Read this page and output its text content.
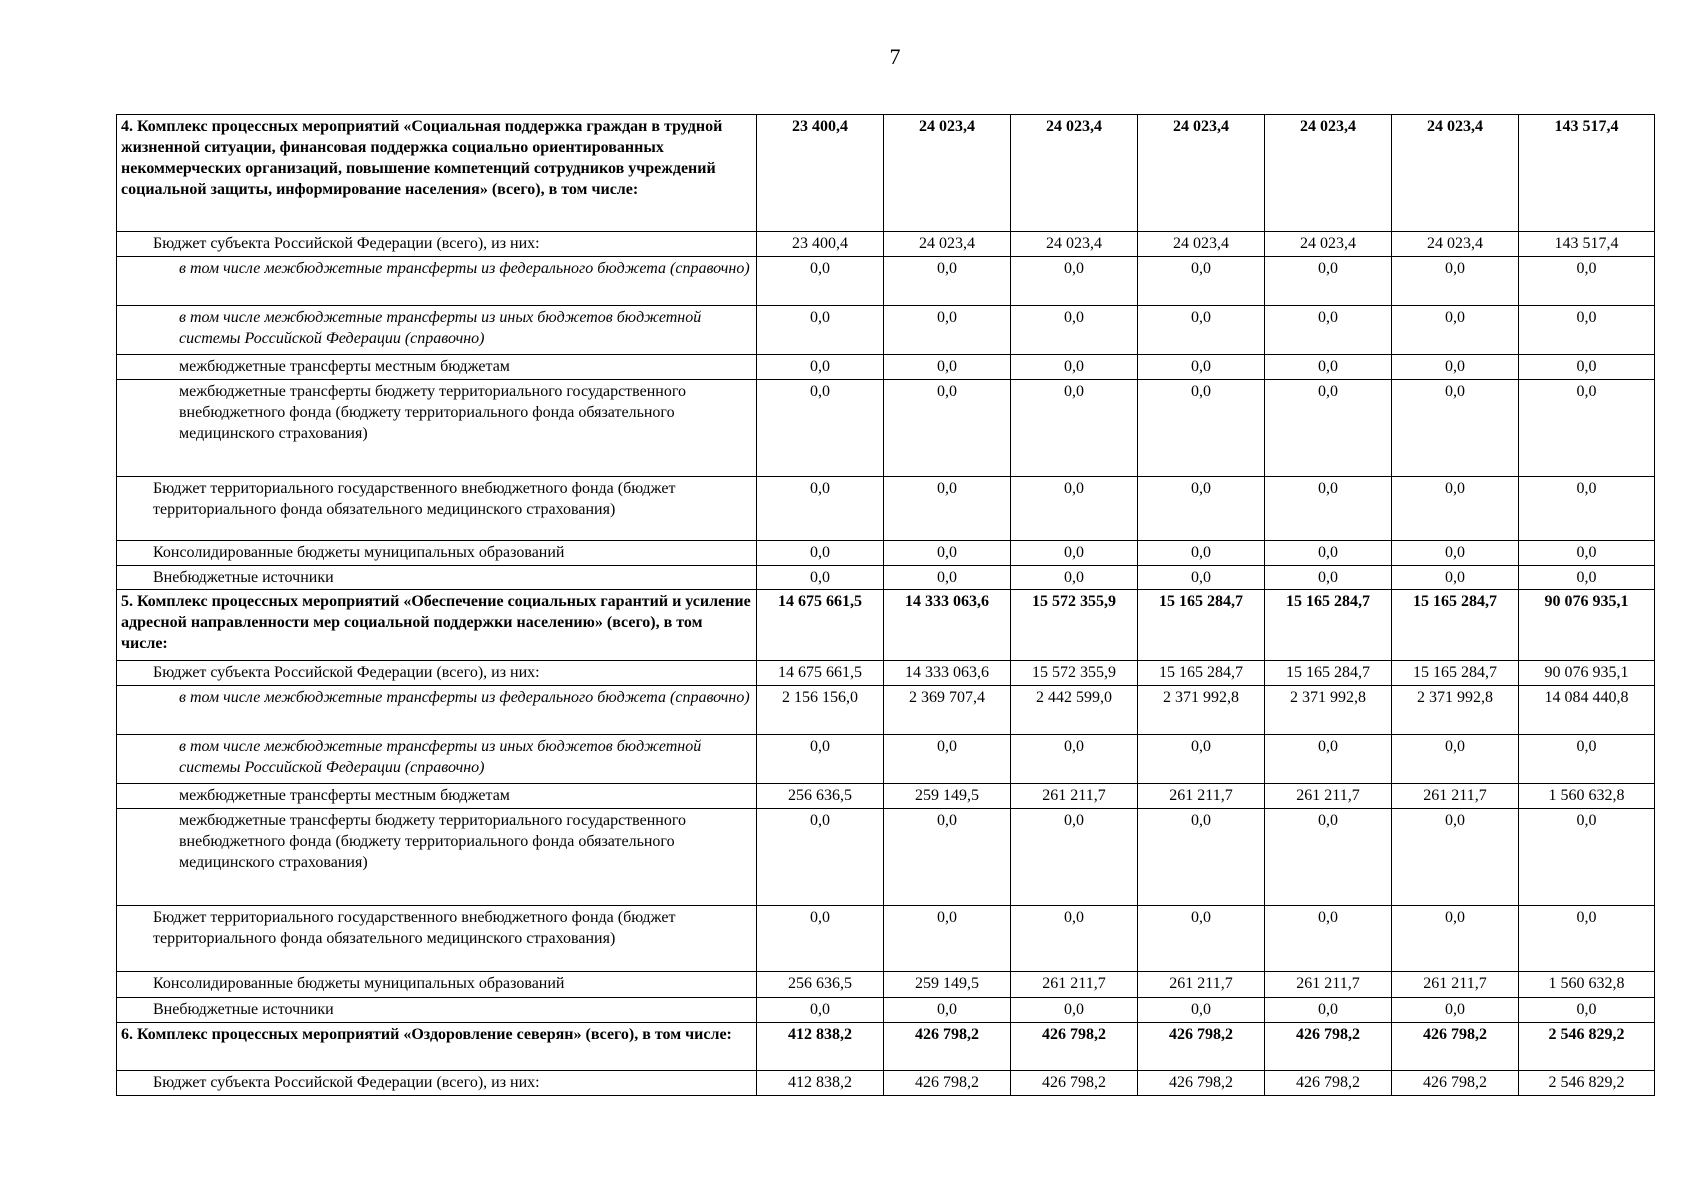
7
4. Комплекс процессных мероприятий «Социальная поддержка граждан в трудной жизненной ситуации, финансовая поддержка социально ориентированных некоммерческих организаций, повышение компетенций сотрудников учреждений социальной защиты, информирование населения» (всего), в том числе:	23 400,4	24 023,4	24 023,4	24 023,4	24 023,4	24 023,4	143 517,4
Бюджет субъекта Российской Федерации (всего), из них:	23 400,4	24 023,4	24 023,4	24 023,4	24 023,4	24 023,4	143 517,4
в том числе межбюджетные трансферты из федерального бюджета (справочно)	0,0	0,0	0,0	0,0	0,0	0,0	0,0
в том числе межбюджетные трансферты из иных бюджетов бюджетной системы Российской Федерации (справочно)	0,0	0,0	0,0	0,0	0,0	0,0	0,0
межбюджетные трансферты местным бюджетам	0,0	0,0	0,0	0,0	0,0	0,0	0,0
межбюджетные трансферты бюджету территориального государственного внебюджетного фонда (бюджету территориального фонда обязательного медицинского страхования)	0,0	0,0	0,0	0,0	0,0	0,0	0,0
Бюджет территориального государственного внебюджетного фонда (бюджет территориального фонда обязательного медицинского страхования)	0,0	0,0	0,0	0,0	0,0	0,0	0,0
Консолидированные бюджеты муниципальных образований	0,0	0,0	0,0	0,0	0,0	0,0	0,0
Внебюджетные источники	0,0	0,0	0,0	0,0	0,0	0,0	0,0
5. Комплекс процессных мероприятий «Обеспечение социальных гарантий и усиление адресной направленности мер социальной поддержки населению» (всего), в том числе:	14 675 661,5	14 333 063,6	15 572 355,9	15 165 284,7	15 165 284,7	15 165 284,7	90 076 935,1
Бюджет субъекта Российской Федерации (всего), из них:	14 675 661,5	14 333 063,6	15 572 355,9	15 165 284,7	15 165 284,7	15 165 284,7	90 076 935,1
в том числе межбюджетные трансферты из федерального бюджета (справочно)	2 156 156,0	2 369 707,4	2 442 599,0	2 371 992,8	2 371 992,8	2 371 992,8	14 084 440,8
в том числе межбюджетные трансферты из иных бюджетов бюджетной системы Российской Федерации (справочно)	0,0	0,0	0,0	0,0	0,0	0,0	0,0
межбюджетные трансферты местным бюджетам	256 636,5	259 149,5	261 211,7	261 211,7	261 211,7	261 211,7	1 560 632,8
межбюджетные трансферты бюджету территориального государственного внебюджетного фонда (бюджету территориального фонда обязательного медицинского страхования)	0,0	0,0	0,0	0,0	0,0	0,0	0,0
Бюджет территориального государственного внебюджетного фонда (бюджет территориального фонда обязательного медицинского страхования)	0,0	0,0	0,0	0,0	0,0	0,0	0,0
Консолидированные бюджеты муниципальных образований	256 636,5	259 149,5	261 211,7	261 211,7	261 211,7	261 211,7	1 560 632,8
Внебюджетные источники	0,0	0,0	0,0	0,0	0,0	0,0	0,0
6. Комплекс процессных мероприятий «Оздоровление северян» (всего), в том числе:	412 838,2	426 798,2	426 798,2	426 798,2	426 798,2	426 798,2	2 546 829,2
Бюджет субъекта Российской Федерации (всего), из них:	412 838,2	426 798,2	426 798,2	426 798,2	426 798,2	426 798,2	2 546 829,2
